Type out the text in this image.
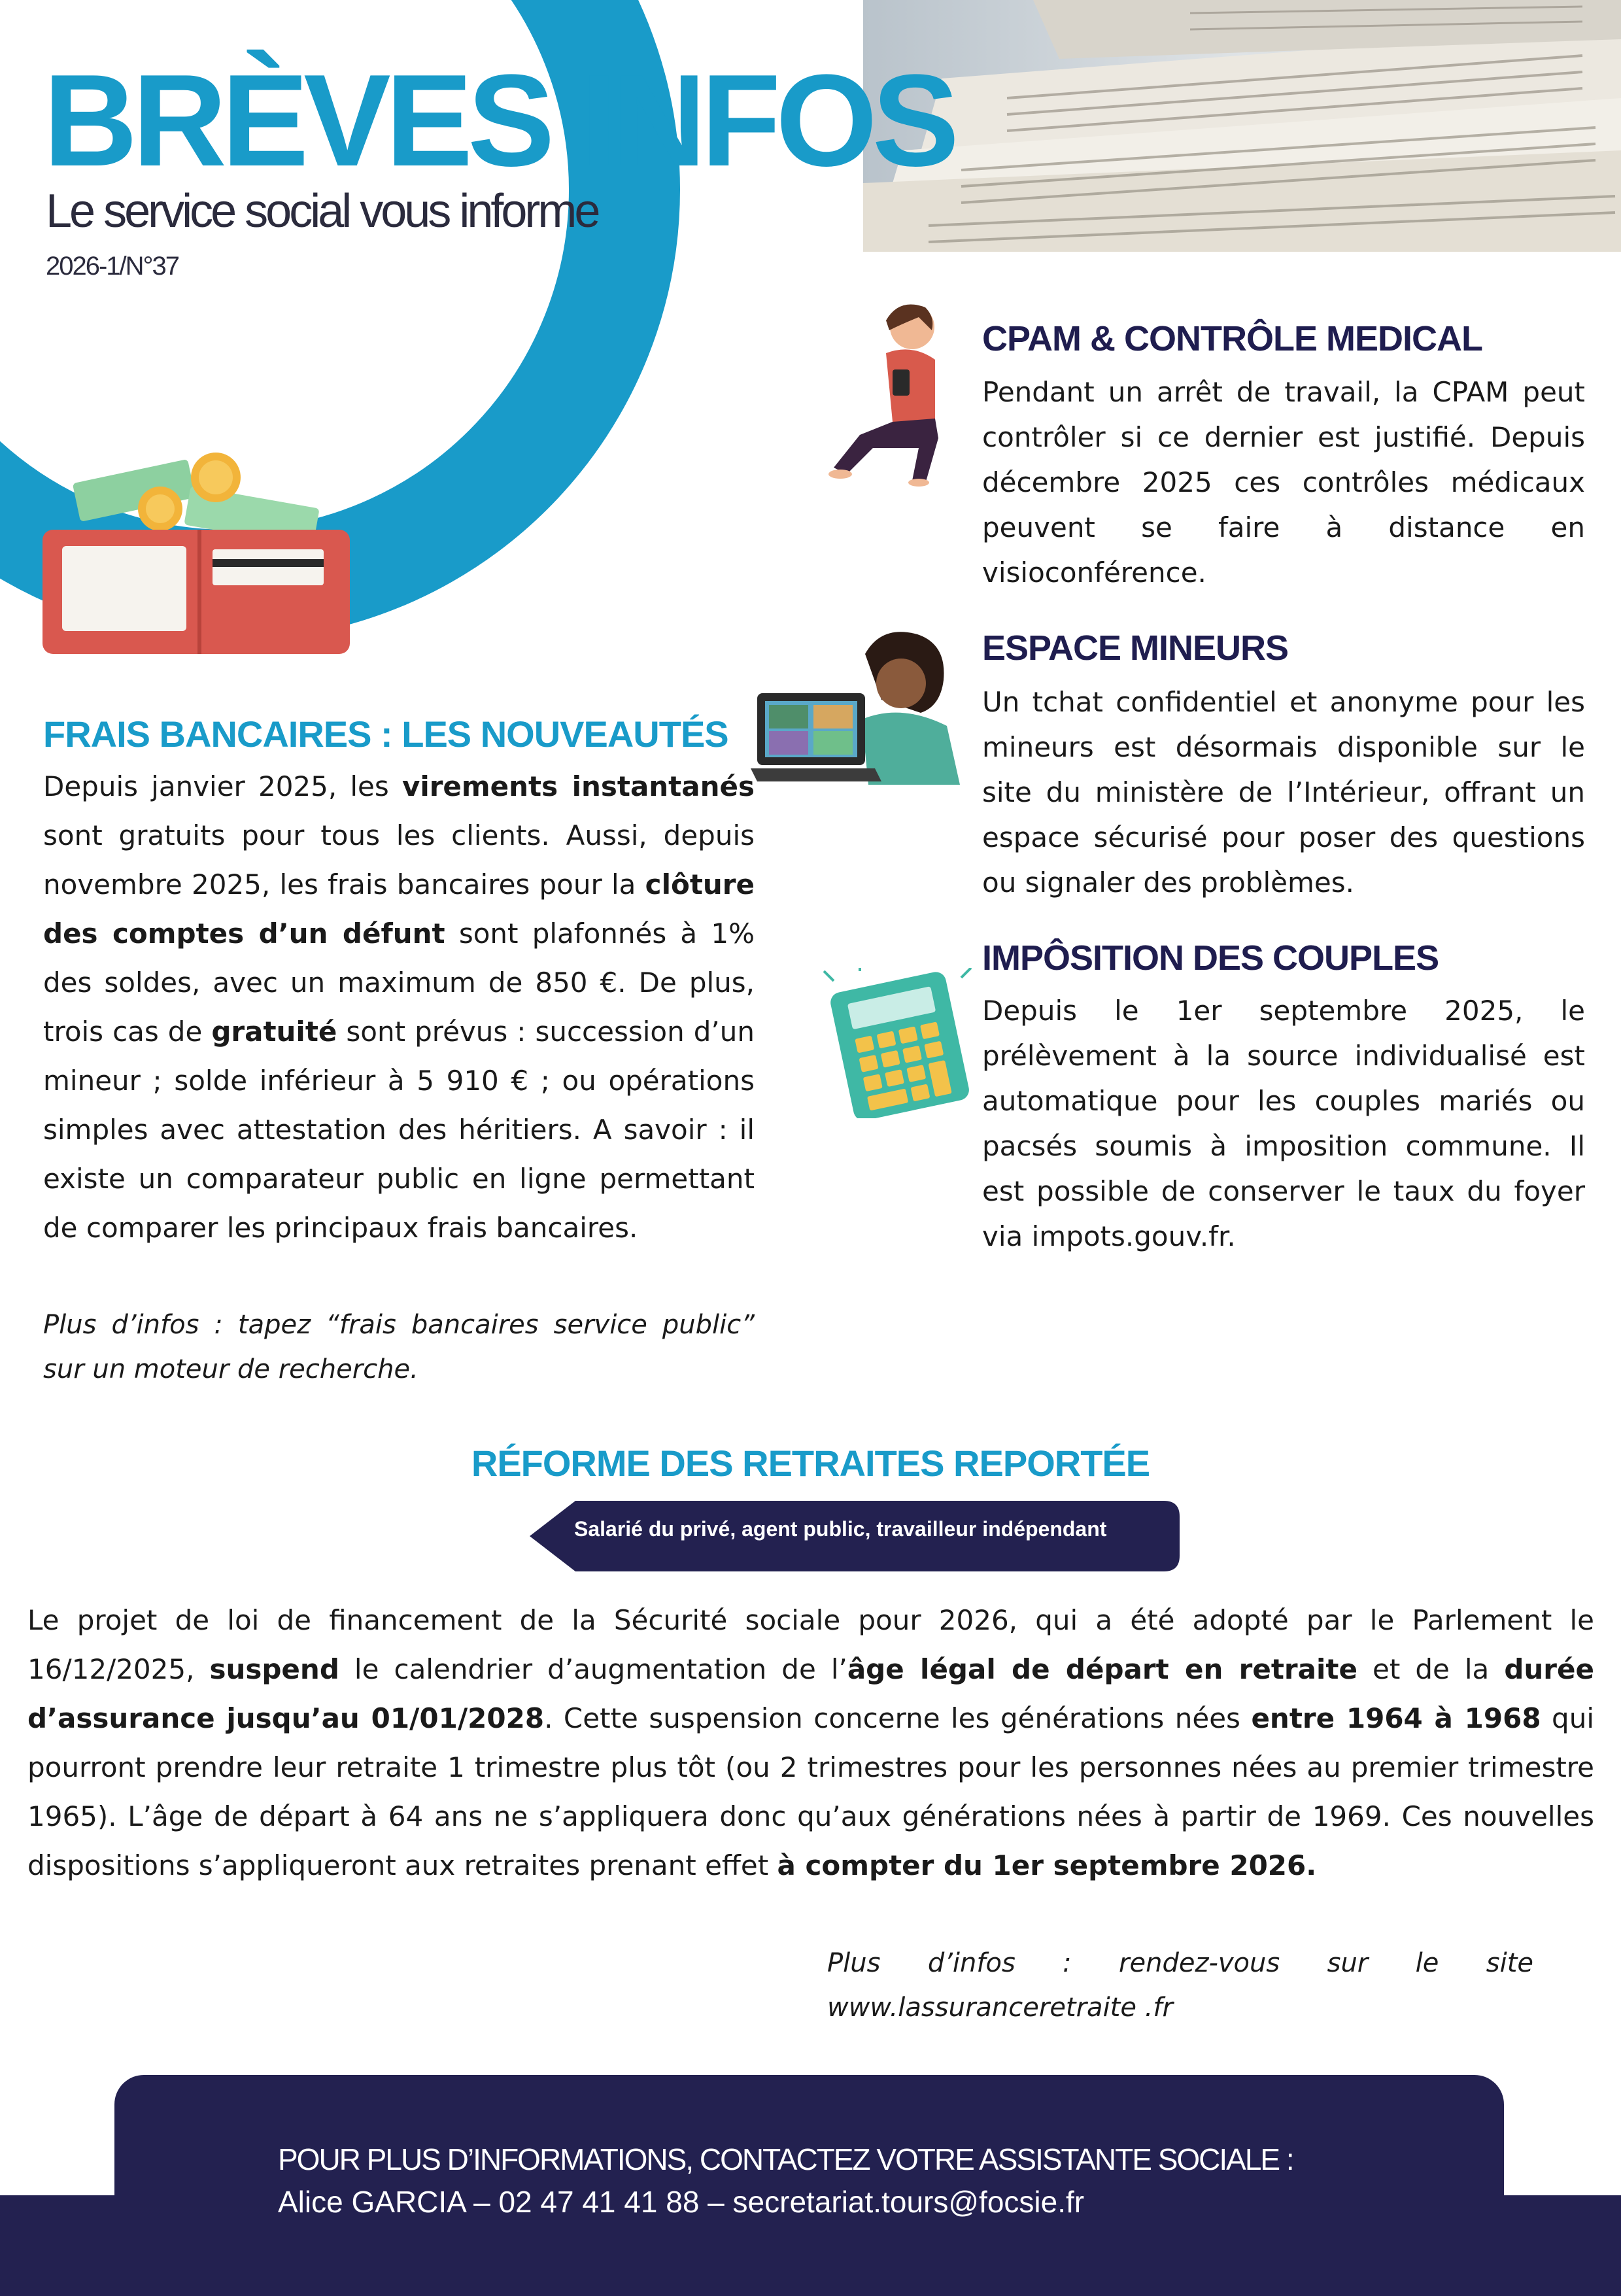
BRÈVES INFOS
Le service social vous informe
2026-1/N°37
CPAM & CONTRÔLE MEDICAL
Pendant un arrêt de travail, la CPAM peut contrôler si ce dernier est justifié. Depuis décembre 2025 ces contrôles médicaux peuvent se faire à distance en visioconférence.
ESPACE MINEURS
Un tchat confidentiel et anonyme pour les mineurs est désormais disponible sur le site du ministère de l’Intérieur, offrant un espace sécurisé pour poser des questions ou signaler des problèmes.
IMPÔSITION DES COUPLES
Depuis le 1er septembre 2025, le prélèvement à la source individualisé est automatique pour les couples mariés ou pacsés soumis à imposition commune. Il est possible de conserver le taux du foyer via impots.gouv.fr.
FRAIS BANCAIRES : LES NOUVEAUTÉS
Depuis janvier 2025, les virements instantanés sont gratuits pour tous les clients. Aussi, depuis novembre 2025, les frais bancaires pour la clôture des comptes d’un défunt sont plafonnés à 1% des soldes, avec un maximum de 850 €. De plus, trois cas de gratuité sont prévus : succession d’un mineur ; solde inférieur à 5 910 € ; ou opérations simples avec attestation des héritiers. A savoir : il existe un comparateur public en ligne permettant de comparer les principaux frais bancaires.
Plus d’infos : tapez “frais bancaires service public” sur un moteur de recherche.
RÉFORME DES RETRAITES REPORTÉE
Salarié du privé, agent public, travailleur indépendant
Le projet de loi de financement de la Sécurité sociale pour 2026, qui a été adopté par le Parlement le 16/12/2025, suspend le calendrier d’augmentation de l’âge légal de départ en retraite et de la durée d’assurance jusqu’au 01/01/2028. Cette suspension concerne les générations nées entre 1964 à 1968 qui pourront prendre leur retraite 1 trimestre plus tôt (ou 2 trimestres pour les personnes nées au premier trimestre 1965). L’âge de départ à 64 ans ne s’appliquera donc qu’aux générations nées à partir de 1969. Ces nouvelles dispositions s’appliqueront aux retraites prenant effet à compter du 1er septembre 2026.
Plus d’infos : rendez-vous sur le site www.lassuranceretraite .fr
POUR PLUS D’INFORMATIONS, CONTACTEZ VOTRE ASSISTANTE SOCIALE :
Alice GARCIA – 02 47 41 41 88 – secretariat.tours@focsie.fr
